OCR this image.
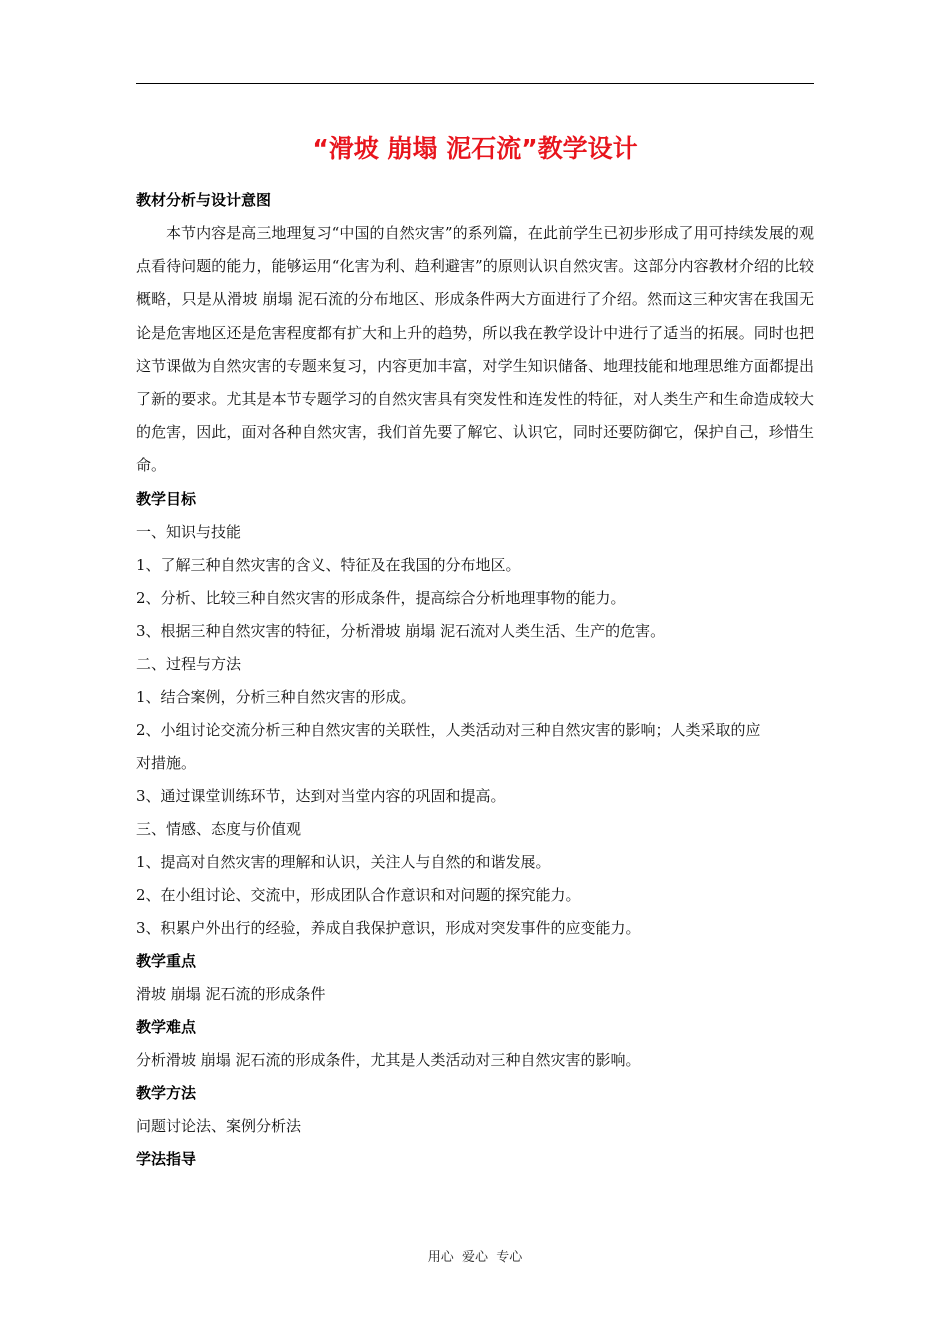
“滑坡 崩塌 泥石流”教学设计
教材分析与设计意图

本节内容是高三地理复习“中国的自然灾害”的系列篇，在此前学生已初步形成了用可持续发展的观点看待问题的能力，能够运用“化害为利、趋利避害”的原则认识自然灾害。这部分内容教材介绍的比较概略，只是从滑坡 崩塌 泥石流的分布地区、形成条件两大方面进行了介绍。然而这三种灾害在我国无论是危害地区还是危害程度都有扩大和上升的趋势，所以我在教学设计中进行了适当的拓展。同时也把这节课做为自然灾害的专题来复习，内容更加丰富，对学生知识储备、地理技能和地理思维方面都提出了新的要求。尤其是本节专题学习的自然灾害具有突发性和连发性的特征，对人类生产和生命造成较大的危害，因此，面对各种自然灾害，我们首先要了解它、认识它，同时还要防御它，保护自己，珍惜生命。

教学目标
一、知识与技能
1、了解三种自然灾害的含义、特征及在我国的分布地区。
2、分析、比较三种自然灾害的形成条件，提高综合分析地理事物的能力。
3、根据三种自然灾害的特征，分析滑坡 崩塌 泥石流对人类生活、生产的危害。
二、过程与方法
1、结合案例，分析三种自然灾害的形成。
2、小组讨论交流分析三种自然灾害的关联性，人类活动对三种自然灾害的影响；人类采取的应
对措施。
3、通过课堂训练环节，达到对当堂内容的巩固和提高。
三、情感、态度与价值观
1、提高对自然灾害的理解和认识，关注人与自然的和谐发展。
2、在小组讨论、交流中，形成团队合作意识和对问题的探究能力。
3、积累户外出行的经验，养成自我保护意识，形成对突发事件的应变能力。
教学重点
滑坡 崩塌 泥石流的形成条件
教学难点
分析滑坡 崩塌 泥石流的形成条件，尤其是人类活动对三种自然灾害的影响。
教学方法
问题讨论法、案例分析法
学法指导
用心  爱心  专心
